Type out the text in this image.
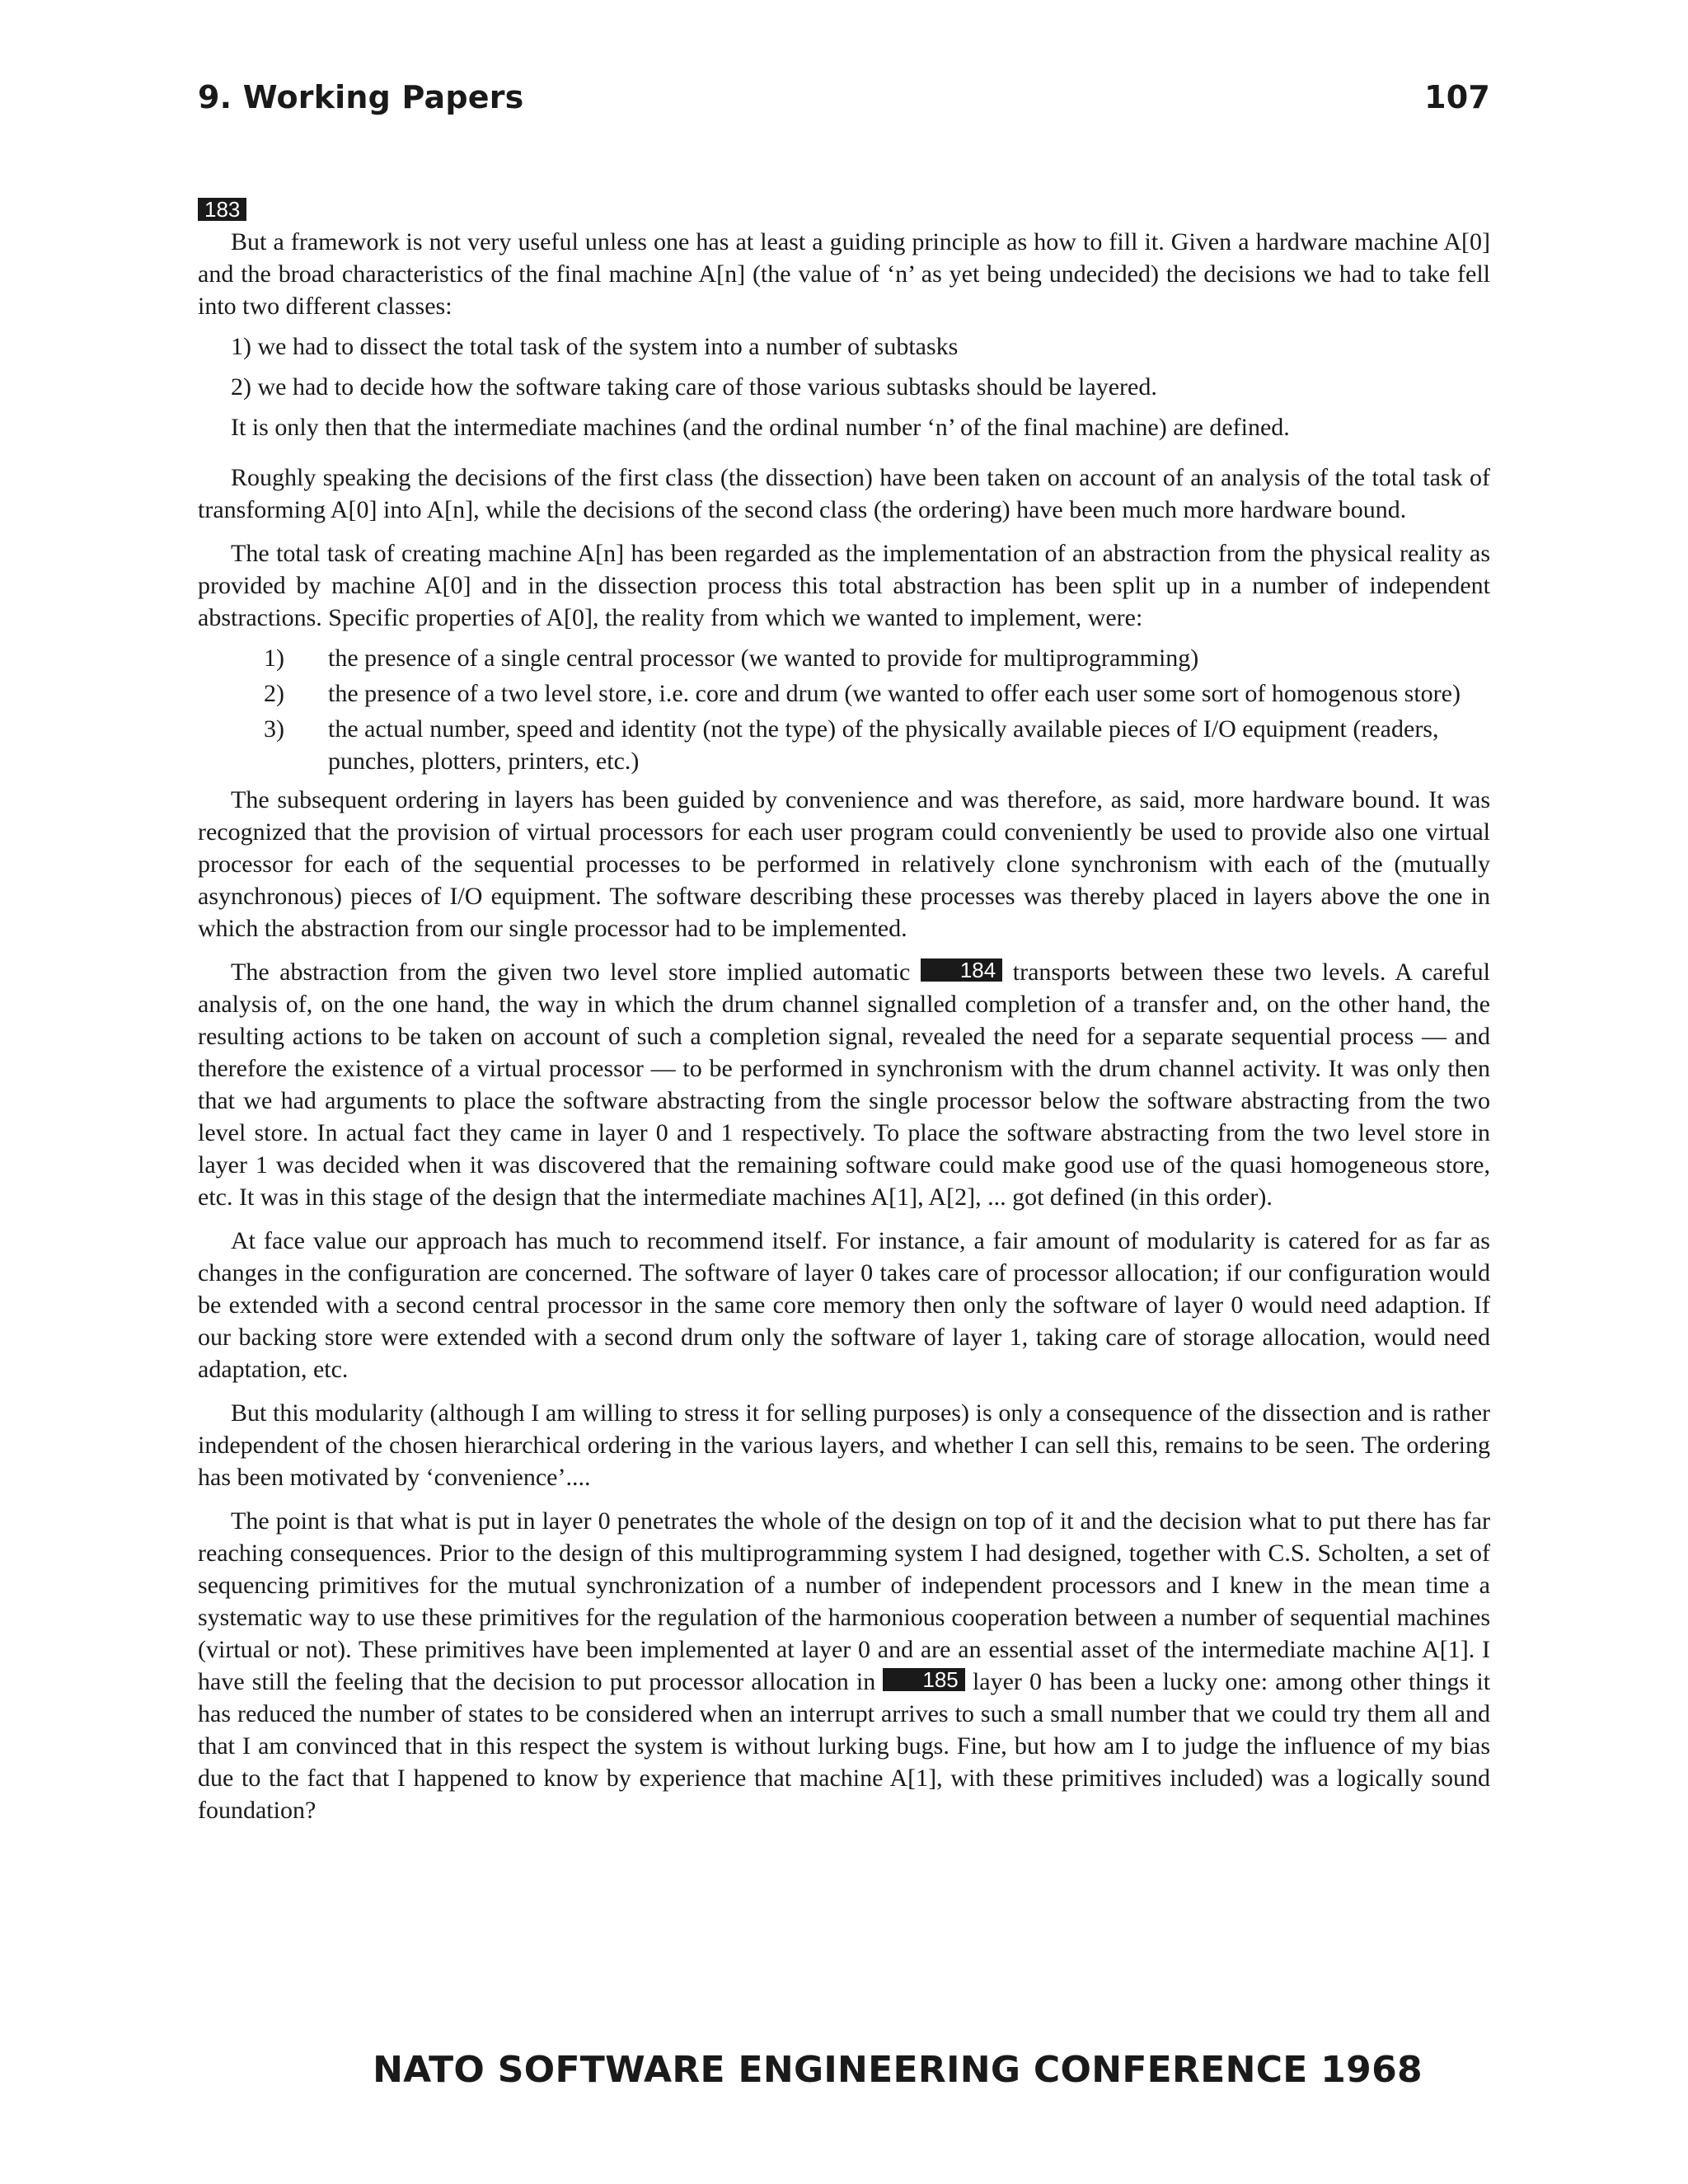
9. Working Papers	107
183

But a framework is not very useful unless one has at least a guiding principle as how to fill it. Given a hardware machine A[0] and the broad characteristics of the final machine A[n] (the value of ‘n’ as yet being undecided) the decisions we had to take fell into two different classes:

1) we had to dissect the total task of the system into a number of subtasks

2) we had to decide how the software taking care of those various subtasks should be layered.

It is only then that the intermediate machines (and the ordinal number ‘n’ of the final machine) are defined.

Roughly speaking the decisions of the first class (the dissection) have been taken on account of an analysis of the total task of transforming A[0] into A[n], while the decisions of the second class (the ordering) have been much more hardware bound.

The total task of creating machine A[n] has been regarded as the implementation of an abstraction from the physical reality as provided by machine A[0] and in the dissection process this total abstraction has been split up in a number of independent abstractions. Specific properties of A[0], the reality from which we wanted to implement, were:

1)	the presence of a single central processor (we wanted to provide for multiprogramming)
2)	the presence of a two level store, i.e. core and drum (we wanted to offer each user some sort of homogenous store)
3)	the actual number, speed and identity (not the type) of the physically available pieces of I/O equipment (readers, punches, plotters, printers, etc.)

The subsequent ordering in layers has been guided by convenience and was therefore, as said, more hardware bound. It was recognized that the provision of virtual processors for each user program could conveniently be used to provide also one virtual processor for each of the sequential processes to be performed in relatively clone synchronism with each of the (mutually asynchronous) pieces of I/O equipment. The software describing these processes was thereby placed in layers above the one in which the abstraction from our single processor had to be implemented.

The abstraction from the given two level store implied automatic 184 transports between these two levels. A careful analysis of, on the one hand, the way in which the drum channel signalled completion of a transfer and, on the other hand, the resulting actions to be taken on account of such a completion signal, revealed the need for a separate sequential process — and therefore the existence of a virtual processor — to be performed in synchronism with the drum channel activity. It was only then that we had arguments to place the software abstracting from the single processor below the software abstracting from the two level store. In actual fact they came in layer 0 and 1 respectively. To place the software abstracting from the two level store in layer 1 was decided when it was discovered that the remaining software could make good use of the quasi homogeneous store, etc. It was in this stage of the design that the intermediate machines A[1], A[2], ... got defined (in this order).

At face value our approach has much to recommend itself. For instance, a fair amount of modularity is catered for as far as changes in the configuration are concerned. The software of layer 0 takes care of processor allocation; if our configuration would be extended with a second central processor in the same core memory then only the software of layer 0 would need adaption. If our backing store were extended with a second drum only the software of layer 1, taking care of storage allocation, would need adaptation, etc.

But this modularity (although I am willing to stress it for selling purposes) is only a consequence of the dissection and is rather independent of the chosen hierarchical ordering in the various layers, and whether I can sell this, remains to be seen. The ordering has been motivated by ‘convenience’....

The point is that what is put in layer 0 penetrates the whole of the design on top of it and the decision what to put there has far reaching consequences. Prior to the design of this multiprogramming system I had designed, together with C.S. Scholten, a set of sequencing primitives for the mutual synchronization of a number of independent processors and I knew in the mean time a systematic way to use these primitives for the regulation of the harmonious cooperation between a number of sequential machines (virtual or not). These primitives have been implemented at layer 0 and are an essential asset of the intermediate machine A[1]. I have still the feeling that the decision to put processor allocation in 185 layer 0 has been a lucky one: among other things it has reduced the number of states to be considered when an interrupt arrives to such a small number that we could try them all and that I am convinced that in this respect the system is without lurking bugs. Fine, but how am I to judge the influence of my bias due to the fact that I happened to know by experience that machine A[1], with these primitives included) was a logically sound foundation?

NATO SOFTWARE ENGINEERING CONFERENCE 1968
